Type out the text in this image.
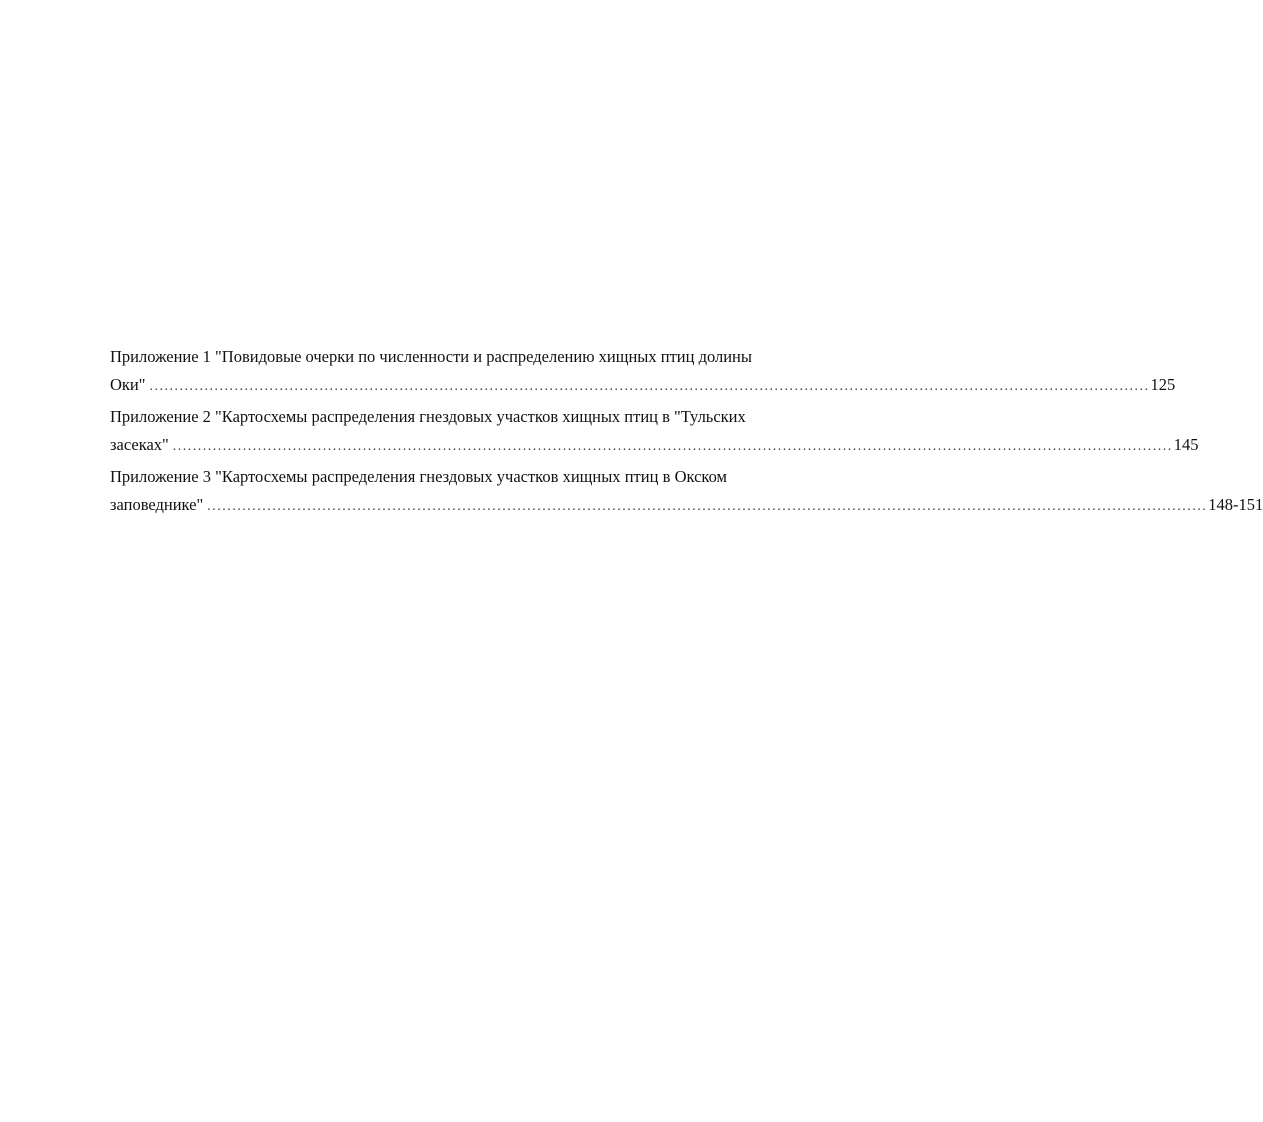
Приложение 1 "Повидовые очерки по численности и распределению хищных птиц долины
Оки" ........................................................................................................................................................................................................ 125
Приложение 2 "Картосхемы распределения гнездовых участков хищных птиц в "Тульских
засеках" ........................................................................................................................................................................................................ 145
Приложение 3 "Картосхемы распределения гнездовых участков хищных птиц в Окском
заповеднике" ........................................................................................................................................................................................................ 148-151
